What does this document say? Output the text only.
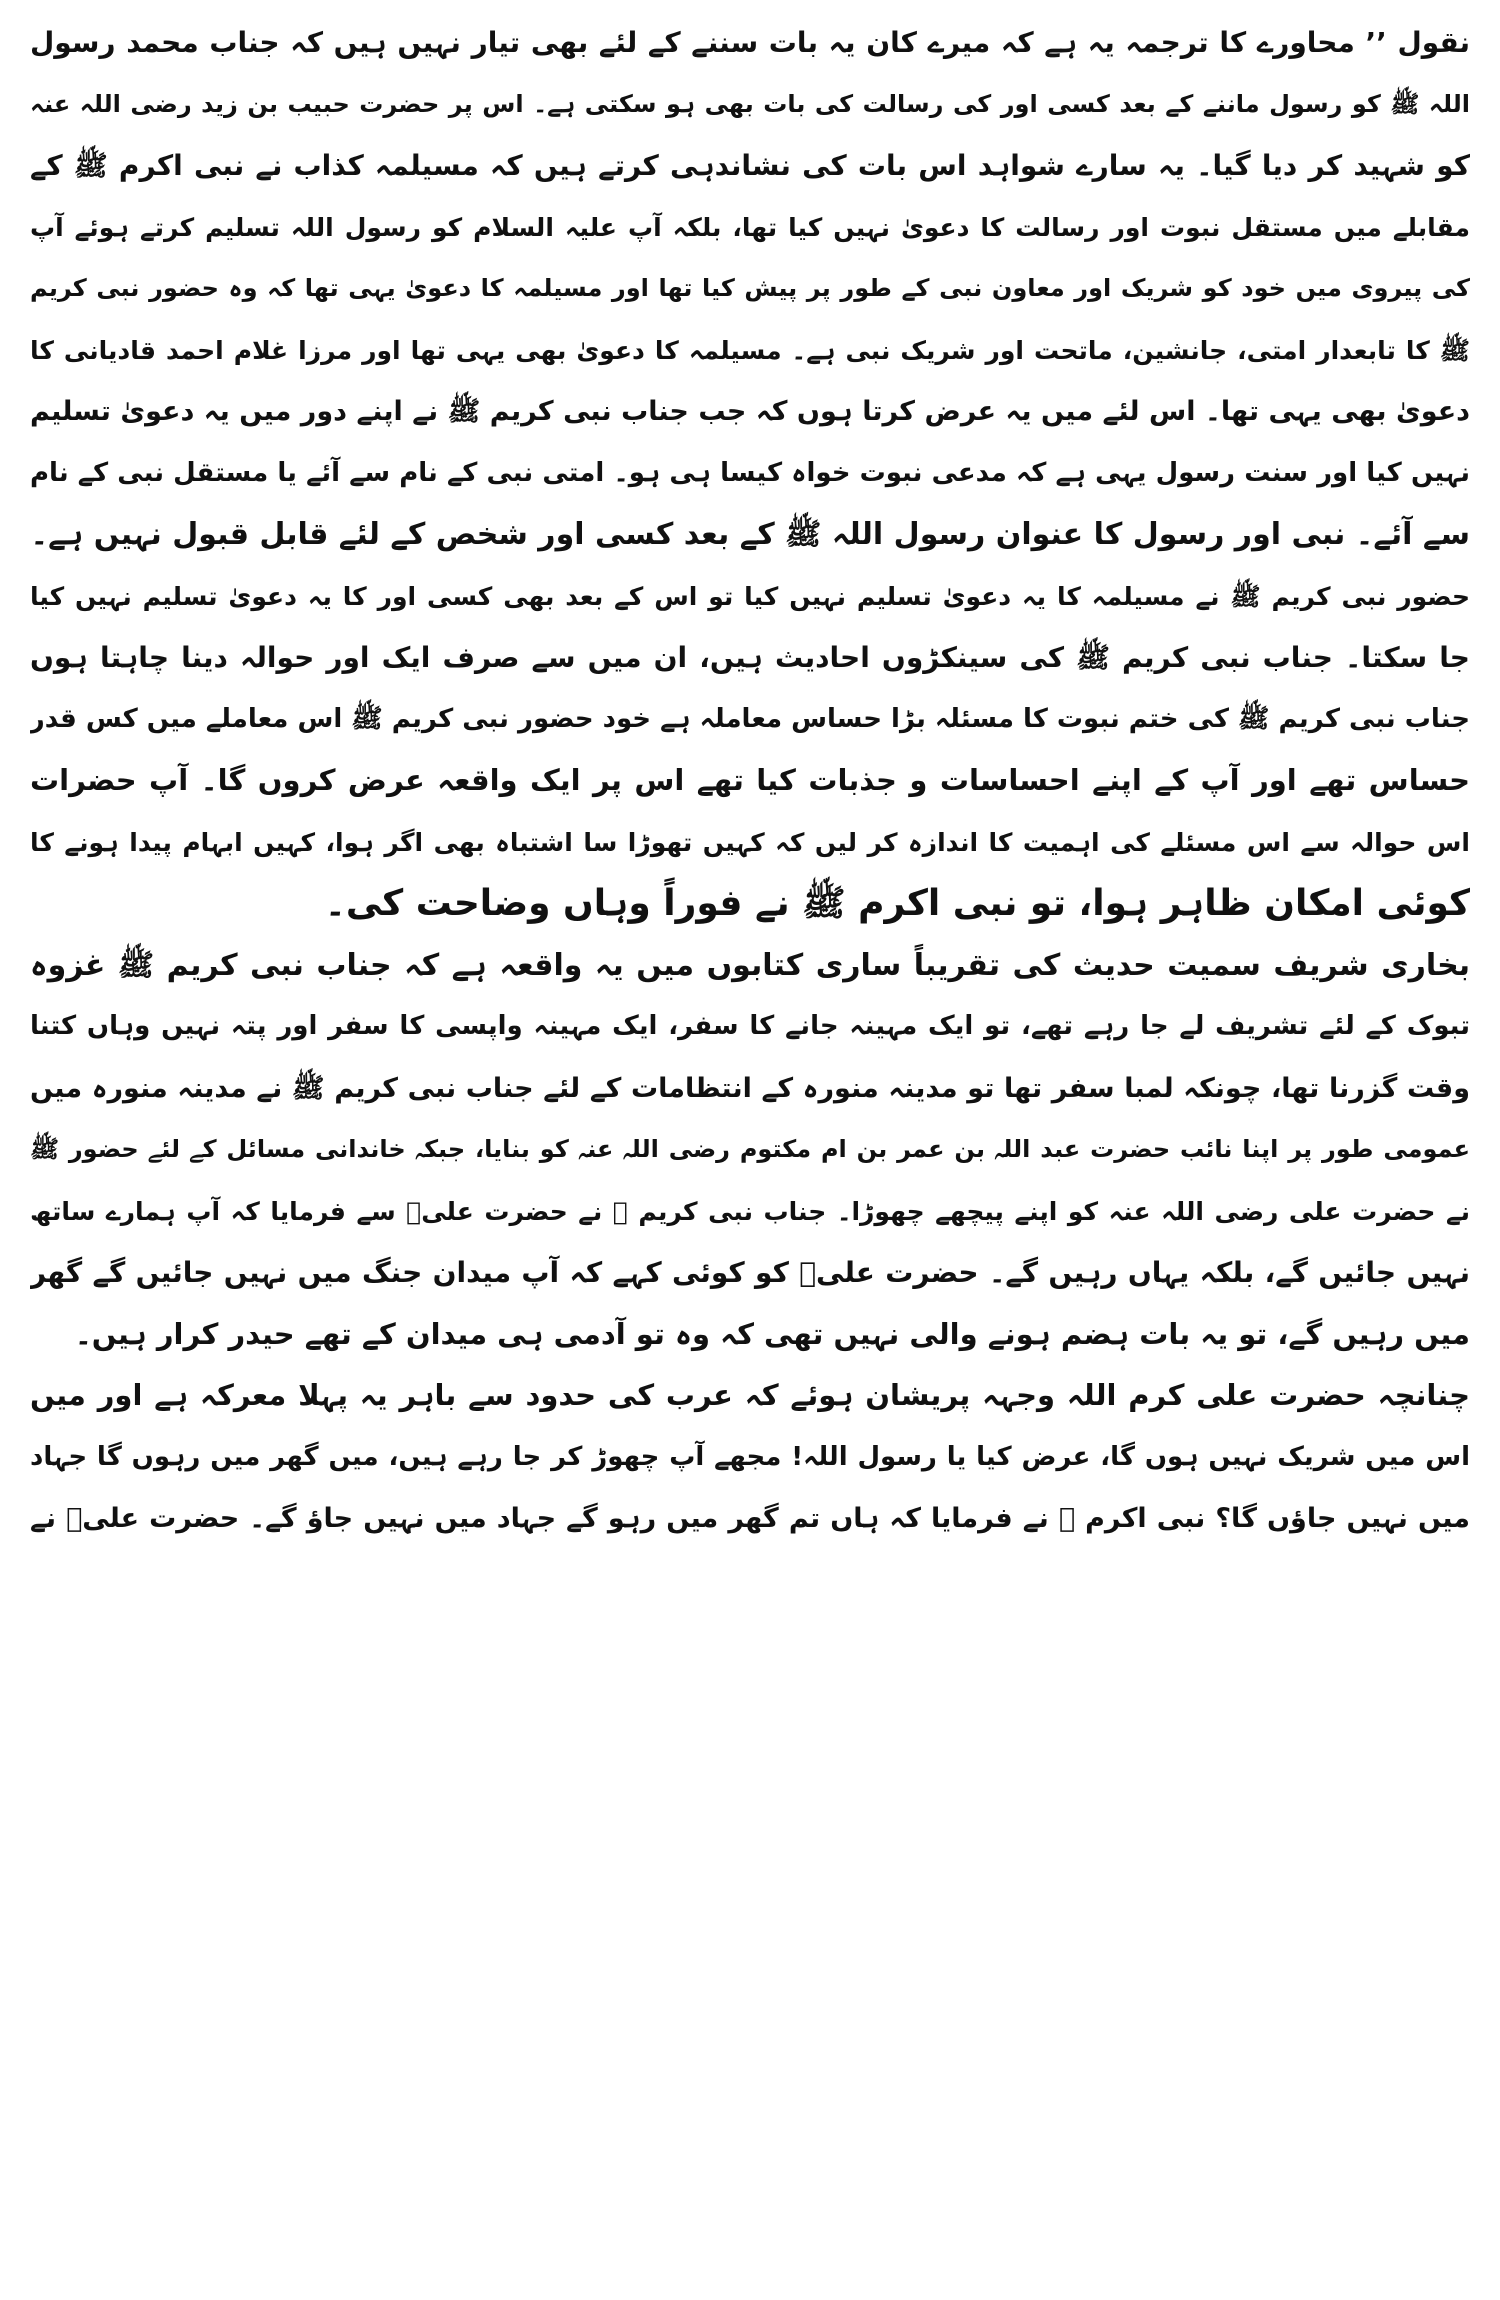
نقول ’’ محاورے کا ترجمہ یہ ہے کہ میرے کان یہ بات سننے کے لئے بھی تیار نہیں ہیں کہ جناب محمد رسول
اللہ ﷺ کو رسول ماننے کے بعد کسی اور کی رسالت کی بات بھی ہو سکتی ہے۔ اس پر حضرت حبیب بن زید رضی اللہ عنہ
کو شہید کر دیا گیا۔ یہ سارے شواہد اس بات کی نشاندہی کرتے ہیں کہ مسیلمہ کذاب نے نبی اکرم ﷺ کے
مقابلے میں مستقل نبوت اور رسالت کا دعویٰ نہیں کیا تھا، بلکہ آپ علیہ السلام کو رسول اللہ تسلیم کرتے ہوئے آپ
کی پیروی میں خود کو شریک اور معاون نبی کے طور پر پیش کیا تھا اور مسیلمہ کا دعویٰ یہی تھا کہ وہ حضور نبی کریم
ﷺ کا تابعدار امتی، جانشین، ماتحت اور شریک نبی ہے۔ مسیلمہ کا دعویٰ بھی یہی تھا اور مرزا غلام احمد قادیانی کا
دعویٰ بھی یہی تھا۔ اس لئے میں یہ عرض کرتا ہوں کہ جب جناب نبی کریم ﷺ نے اپنے دور میں یہ دعویٰ تسلیم
نہیں کیا اور سنت رسول یہی ہے کہ مدعی نبوت خواہ کیسا ہی ہو۔ امتی نبی کے نام سے آئے یا مستقل نبی کے نام
سے آئے۔ نبی اور رسول کا عنوان رسول اللہ ﷺ کے بعد کسی اور شخص کے لئے قابل قبول نہیں ہے۔
حضور نبی کریم ﷺ نے مسیلمہ کا یہ دعویٰ تسلیم نہیں کیا تو اس کے بعد بھی کسی اور کا یہ دعویٰ تسلیم نہیں کیا
جا سکتا۔ جناب نبی کریم ﷺ کی سینکڑوں احادیث ہیں، ان میں سے صرف ایک اور حوالہ دینا چاہتا ہوں
جناب نبی کریم ﷺ کی ختم نبوت کا مسئلہ بڑا حساس معاملہ ہے خود حضور نبی کریم ﷺ اس معاملے میں کس قدر
حساس تھے اور آپ کے اپنے احساسات و جذبات کیا تھے اس پر ایک واقعہ عرض کروں گا۔ آپ حضرات
اس حوالہ سے اس مسئلے کی اہمیت کا اندازہ کر لیں کہ کہیں تھوڑا سا اشتباہ بھی اگر ہوا، کہیں ابہام پیدا ہونے کا
کوئی امکان ظاہر ہوا، تو نبی اکرم ﷺ نے فوراً وہاں وضاحت کی۔
بخاری شریف سمیت حدیث کی تقریباً ساری کتابوں میں یہ واقعہ ہے کہ جناب نبی کریم ﷺ غزوہ
تبوک کے لئے تشریف لے جا رہے تھے، تو ایک مہینہ جانے کا سفر، ایک مہینہ واپسی کا سفر اور پتہ نہیں وہاں کتنا
وقت گزرنا تھا، چونکہ لمبا سفر تھا تو مدینہ منورہ کے انتظامات کے لئے جناب نبی کریم ﷺ نے مدینہ منورہ میں
عمومی طور پر اپنا نائب حضرت عبد اللہ بن عمر بن ام مکتوم رضی اللہ عنہ کو بنایا، جبکہ خاندانی مسائل کے لئے حضور ﷺ
نے حضرت علی رضی اللہ عنہ کو اپنے پیچھے چھوڑا۔ جناب نبی کریم ﷺ نے حضرت علیؓ سے فرمایا کہ آپ ہمارے ساتھ
نہیں جائیں گے، بلکہ یہاں رہیں گے۔ حضرت علیؓ کو کوئی کہے کہ آپ میدان جنگ میں نہیں جائیں گے گھر
میں رہیں گے، تو یہ بات ہضم ہونے والی نہیں تھی کہ وہ تو آدمی ہی میدان کے تھے حیدر کرار ہیں۔
چنانچہ حضرت علی کرم اللہ وجہہ پریشان ہوئے کہ عرب کی حدود سے باہر یہ پہلا معرکہ ہے اور میں
اس میں شریک نہیں ہوں گا، عرض کیا یا رسول اللہ! مجھے آپ چھوڑ کر جا رہے ہیں، میں گھر میں رہوں گا جہاد
میں نہیں جاؤں گا؟ نبی اکرم ﷺ نے فرمایا کہ ہاں تم گھر میں رہو گے جہاد میں نہیں جاؤ گے۔ حضرت علیؓ نے
